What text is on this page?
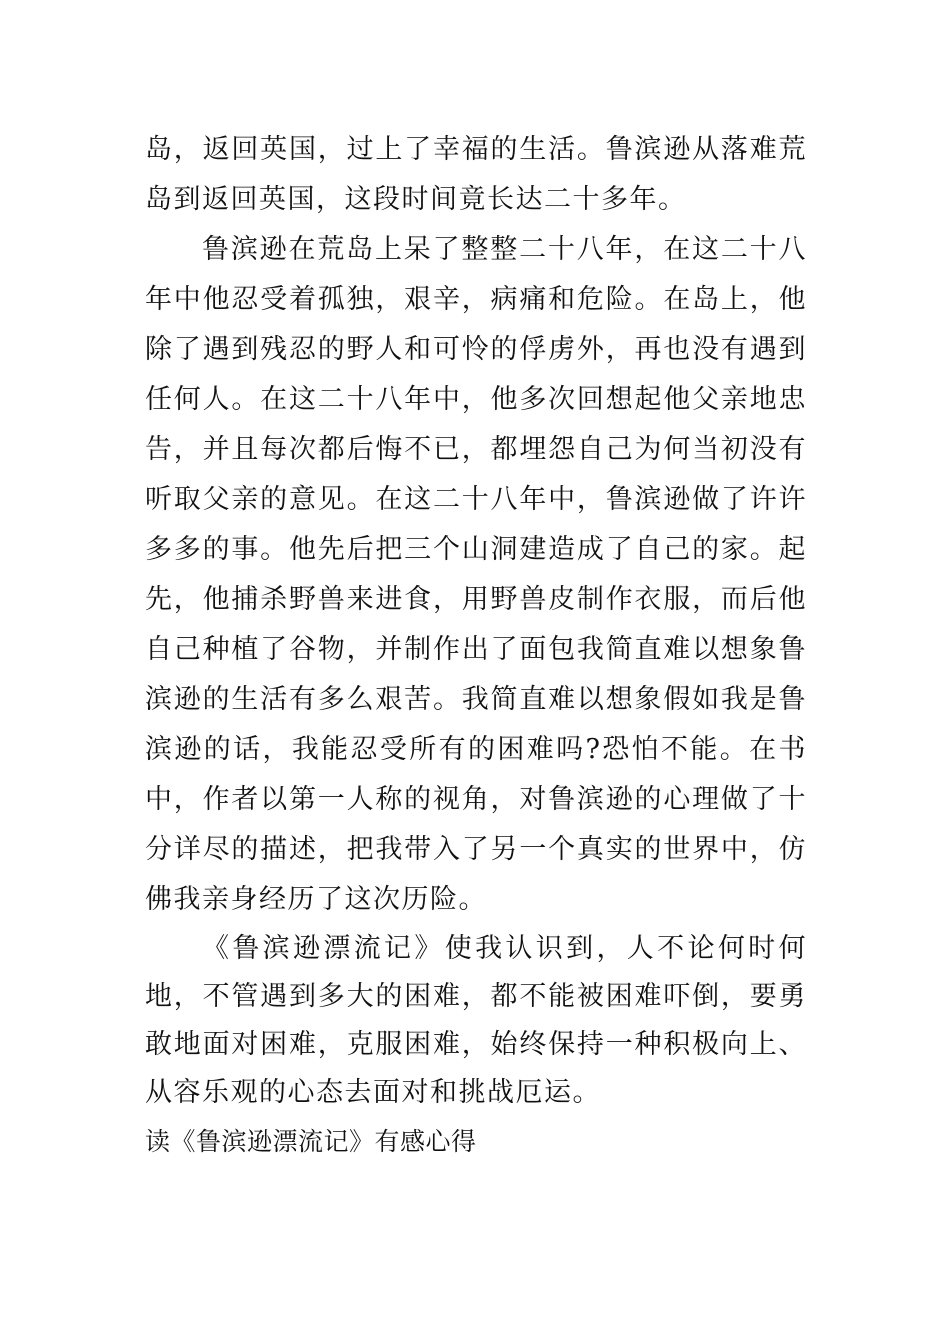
岛，返回英国，过上了幸福的生活。鲁滨逊从落难荒岛到返回英国，这段时间竟长达二十多年。

鲁滨逊在荒岛上呆了整整二十八年，在这二十八年中他忍受着孤独，艰辛，病痛和危险。在岛上，他除了遇到残忍的野人和可怜的俘虏外，再也没有遇到任何人。在这二十八年中，他多次回想起他父亲地忠告，并且每次都后悔不已，都埋怨自己为何当初没有听取父亲的意见。在这二十八年中，鲁滨逊做了许许多多的事。他先后把三个山洞建造成了自己的家。起先，他捕杀野兽来进食，用野兽皮制作衣服，而后他自己种植了谷物，并制作出了面包我简直难以想象鲁滨逊的生活有多么艰苦。我简直难以想象假如我是鲁滨逊的话，我能忍受所有的困难吗?恐怕不能。在书中，作者以第一人称的视角，对鲁滨逊的心理做了十分详尽的描述，把我带入了另一个真实的世界中，仿佛我亲身经历了这次历险。

《鲁滨逊漂流记》使我认识到，人不论何时何地，不管遇到多大的困难，都不能被困难吓倒，要勇敢地面对困难，克服困难，始终保持一种积极向上、从容乐观的心态去面对和挑战厄运。

读《鲁滨逊漂流记》有感心得
